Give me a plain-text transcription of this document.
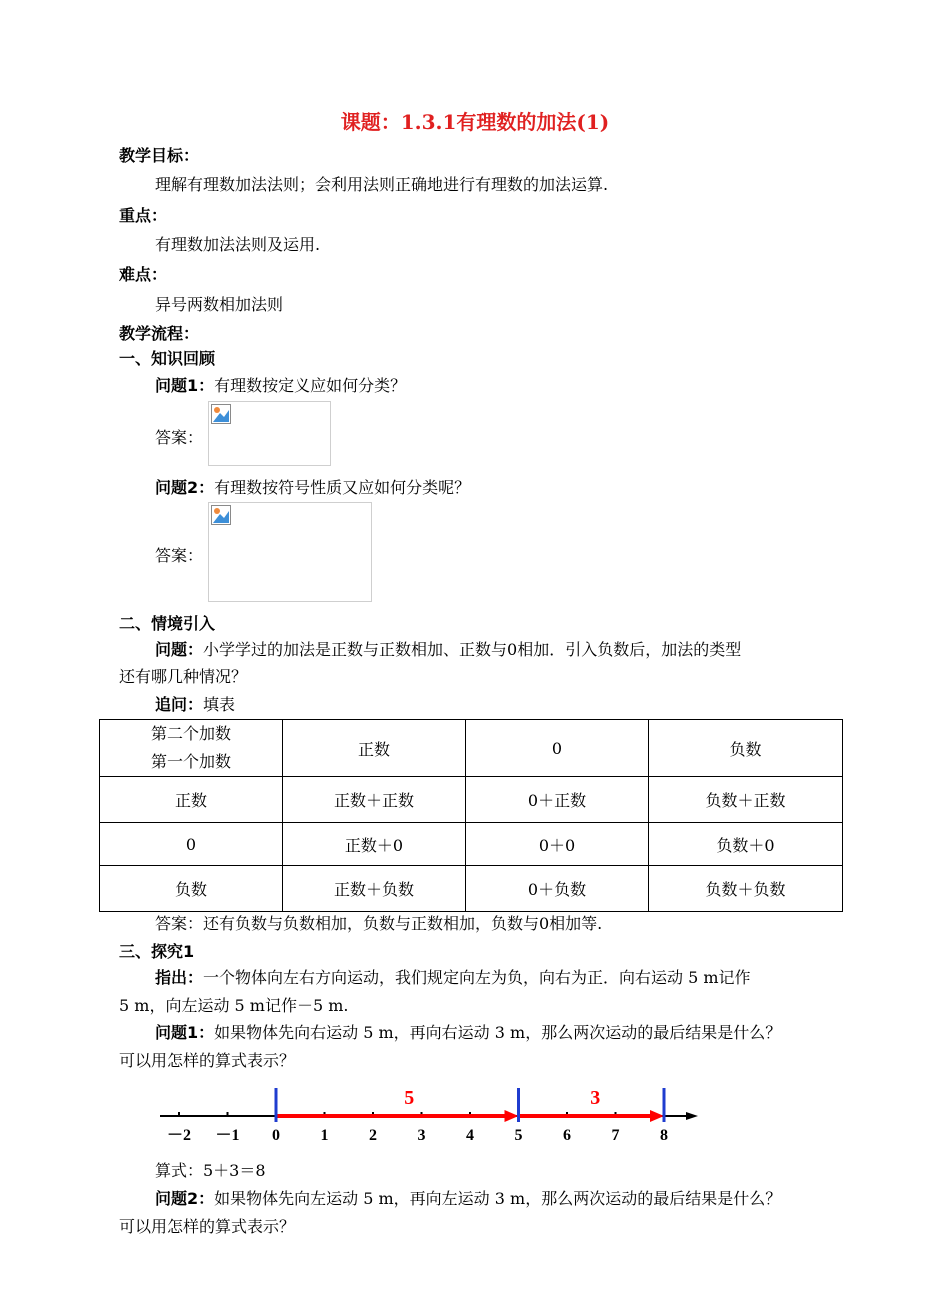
课题：1.3.1有理数的加法(1)
教学目标：
理解有理数加法法则；会利用法则正确地进行有理数的加法运算.
重点：
有理数加法法则及运用.
难点：
异号两数相加法则
教学流程：
一、知识回顾
问题1：有理数按定义应如何分类？
答案：
问题2：有理数按符号性质又应如何分类呢？
答案：
二、情境引入
问题：小学学过的加法是正数与正数相加、正数与0相加．引入负数后，加法的类型
还有哪几种情况？
追问：填表
第二个加数
第一个加数	正数	0	负数
正数	正数＋正数	0＋正数	负数＋正数
0	正数＋0	0＋0	负数＋0
负数	正数＋负数	0＋负数	负数＋负数
答案：还有负数与负数相加，负数与正数相加，负数与0相加等.
三、探究1
指出：一个物体向左右方向运动，我们规定向左为负，向右为正．向右运动 5 m记作
5 m，向左运动 5 m记作－5 m.
问题1：如果物体先向右运动 5 m，再向右运动 3 m，那么两次运动的最后结果是什么？
可以用怎样的算式表示？
－2 －1 0	1	2	3	4	5	6	7	8
5	3
算式：5＋3＝8
问题2：如果物体先向左运动 5 m，再向左运动 3 m，那么两次运动的最后结果是什么？
可以用怎样的算式表示？
